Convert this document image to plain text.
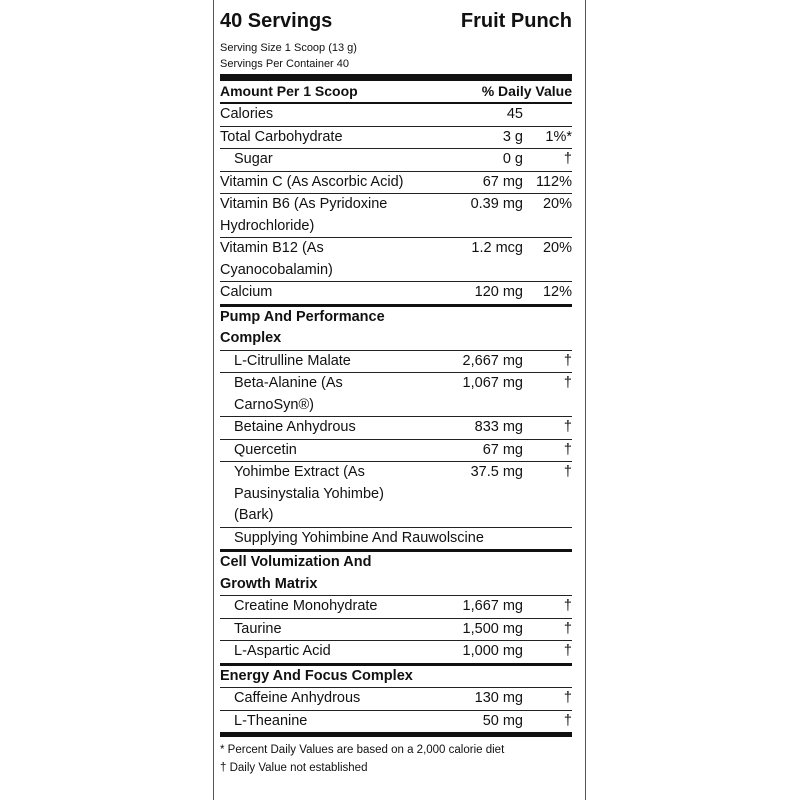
40 Servings	Fruit Punch
Serving Size 1 Scoop (13 g)
Servings Per Container 40
Amount Per 1 Scoop	% Daily Value
Calories	45
Total Carbohydrate	3 g	1%*
Sugar	0 g	†
Vitamin C (As Ascorbic Acid)	67 mg 112%
Vitamin B6 (As Pyridoxine Hydrochloride)
0.39 mg	20%
Vitamin B12 (As Cyanocobalamin)
1.2 mcg	20%
Calcium	120 mg	12%
Pump And Performance Complex
L-Citrulline Malate	2,667 mg	†
Beta-Alanine (As CarnoSyn®)
1,067 mg	†
Betaine Anhydrous	833 mg	†
Quercetin	67 mg	†
Yohimbe Extract (As Pausinystalia Yohimbe) (Bark)
37.5 mg	†
Supplying Yohimbine And Rauwolscine
Cell Volumization And Growth Matrix
Creatine Monohydrate	1,667 mg	†
Taurine	1,500 mg	†
L-Aspartic Acid	1,000 mg	†
Energy And Focus Complex
Caffeine Anhydrous	130 mg	†
L-Theanine	50 mg	†
* Percent Daily Values are based on a 2,000 calorie diet
† Daily Value not established
